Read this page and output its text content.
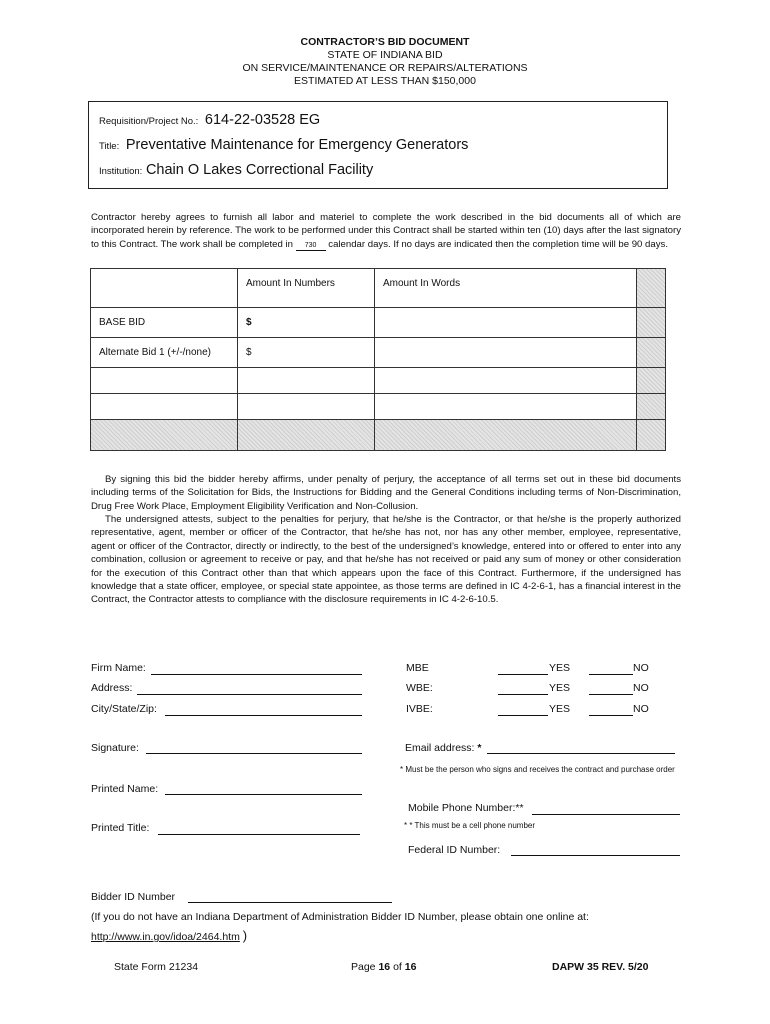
CONTRACTOR’S BID DOCUMENT
STATE OF INDIANA BID
ON SERVICE/MAINTENANCE OR REPAIRS/ALTERATIONS
ESTIMATED AT LESS THAN $150,000
Requisition/Project No.: 614-22-03528 EG
Title: Preventative Maintenance for Emergency Generators
Institution: Chain O Lakes Correctional Facility
Contractor hereby agrees to furnish all labor and materiel to complete the work described in the bid documents all of which are incorporated herein by reference. The work to be performed under this Contract shall be started within ten (10) days after the last signatory to this Contract. The work shall be completed in 730 calendar days. If no days are indicated then the completion time will be 90 days.
	Amount In Numbers	Amount In Words	

BASE BID	$		

Alternate Bid 1 (+/-/none)	$		

By signing this bid the bidder hereby affirms, under penalty of perjury, the acceptance of all terms set out in these bid documents including terms of the Solicitation for Bids, the Instructions for Bidding and the General Conditions including terms of Non-Discrimination, Drug Free Work Place, Employment Eligibility Verification and Non-Collusion.
The undersigned attests, subject to the penalties for perjury, that he/she is the Contractor, or that he/she is the properly authorized representative, agent, member or officer of the Contractor, that he/she has not, nor has any other member, employee, representative, agent or officer of the Contractor, directly or indirectly, to the best of the undersigned’s knowledge, entered into or offered to enter into any combination, collusion or agreement to receive or pay, and that he/she has not received or paid any sum of money or other consideration for the execution of this Contract other than that which appears upon the face of this Contract. Furthermore, if the undersigned has knowledge that a state officer, employee, or special state appointee, as those terms are defined in IC 4-2-6-1, has a financial interest in the Contract, the Contractor attests to compliance with the disclosure requirements in IC 4-2-6-10.5.
Firm Name:
Address:
City/State/Zip:
Signature:
Printed Name:
Printed Title:
MBE	YES	NO
WBE:	YES	NO
IVBE:	YES	NO
Email address: *
* Must be the person who signs and receives the contract and purchase order
Mobile Phone Number:**
* * This must be a cell phone number
Federal ID Number:
Bidder ID Number
(If you do not have an Indiana Department of Administration Bidder ID Number, please obtain one online at:
http://www.in.gov/idoa/2464.htm )
State Form 21234	Page 16 of 16	DAPW 35 REV. 5/20
